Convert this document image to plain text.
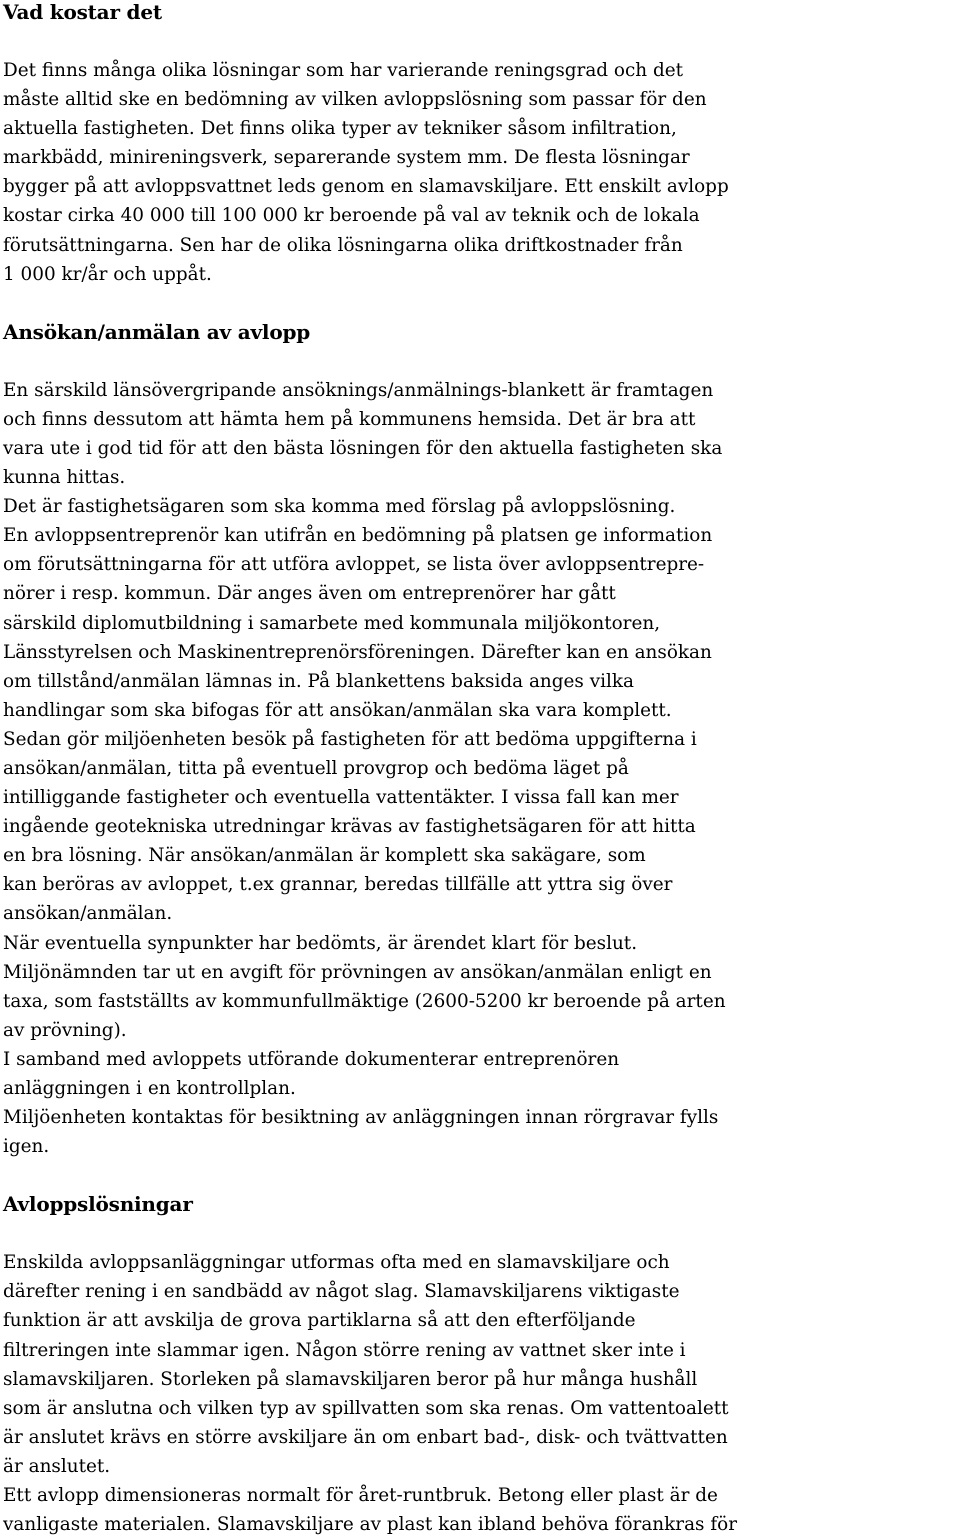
Vad kostar det
Det finns många olika lösningar som har varierande reningsgrad och det
måste alltid ske en bedömning av vilken avloppslösning som passar för den
aktuella fastigheten. Det finns olika typer av tekniker såsom infiltration,
markbädd, minireningsverk, separerande system mm. De flesta lösningar
bygger på att avloppsvattnet leds genom en slamavskiljare. Ett enskilt avlopp
kostar cirka 40 000 till 100 000 kr beroende på val av teknik och de lokala
förutsättningarna. Sen har de olika lösningarna olika driftkostnader från
1 000 kr/år och uppåt.
Ansökan/anmälan av avlopp
En särskild länsövergripande ansöknings/anmälnings-blankett är framtagen
och finns dessutom att hämta hem på kommunens hemsida. Det är bra att
vara ute i god tid för att den bästa lösningen för den aktuella fastigheten ska
kunna hittas.
Det är fastighetsägaren som ska komma med förslag på avloppslösning.
En avloppsentreprenör kan utifrån en bedömning på platsen ge information
om förutsättningarna för att utföra avloppet, se lista över avloppsentrepre-
nörer i resp. kommun. Där anges även om entreprenörer har gått
särskild diplomutbildning i samarbete med kommunala miljökontoren,
Länsstyrelsen och Maskinentreprenörsföreningen. Därefter kan en ansökan
om tillstånd/anmälan lämnas in. På blankettens baksida anges vilka
handlingar som ska bifogas för att ansökan/anmälan ska vara komplett.
Sedan gör miljöenheten besök på fastigheten för att bedöma uppgifterna i
ansökan/anmälan, titta på eventuell provgrop och bedöma läget på
intilliggande fastigheter och eventuella vattentäkter. I vissa fall kan mer
ingående geotekniska utredningar krävas av fastighetsägaren för att hitta
en bra lösning. När ansökan/anmälan är komplett ska sakägare, som
kan beröras av avloppet, t.ex grannar, beredas tillfälle att yttra sig över
ansökan/anmälan.
När eventuella synpunkter har bedömts, är ärendet klart för beslut.
Miljönämnden tar ut en avgift för prövningen av ansökan/anmälan enligt en
taxa, som fastställts av kommunfullmäktige (2600-5200 kr beroende på arten
av prövning).
I samband med avloppets utförande dokumenterar entreprenören
anläggningen i en kontrollplan.
Miljöenheten kontaktas för besiktning av anläggningen innan rörgravar fylls
igen.
Avloppslösningar
Enskilda avloppsanläggningar utformas ofta med en slamavskiljare och
därefter rening i en sandbädd av något slag. Slamavskiljarens viktigaste
funktion är att avskilja de grova partiklarna så att den efterföljande
filtreringen inte slammar igen. Någon större rening av vattnet sker inte i
slamavskiljaren. Storleken på slamavskiljaren beror på hur många hushåll
som är anslutna och vilken typ av spillvatten som ska renas. Om vattentoalett
är anslutet krävs en större avskiljare än om enbart bad-, disk- och tvättvatten
är anslutet.
Ett avlopp dimensioneras normalt för året-runtbruk. Betong eller plast är de
vanligaste materialen. Slamavskiljare av plast kan ibland behöva förankras för
